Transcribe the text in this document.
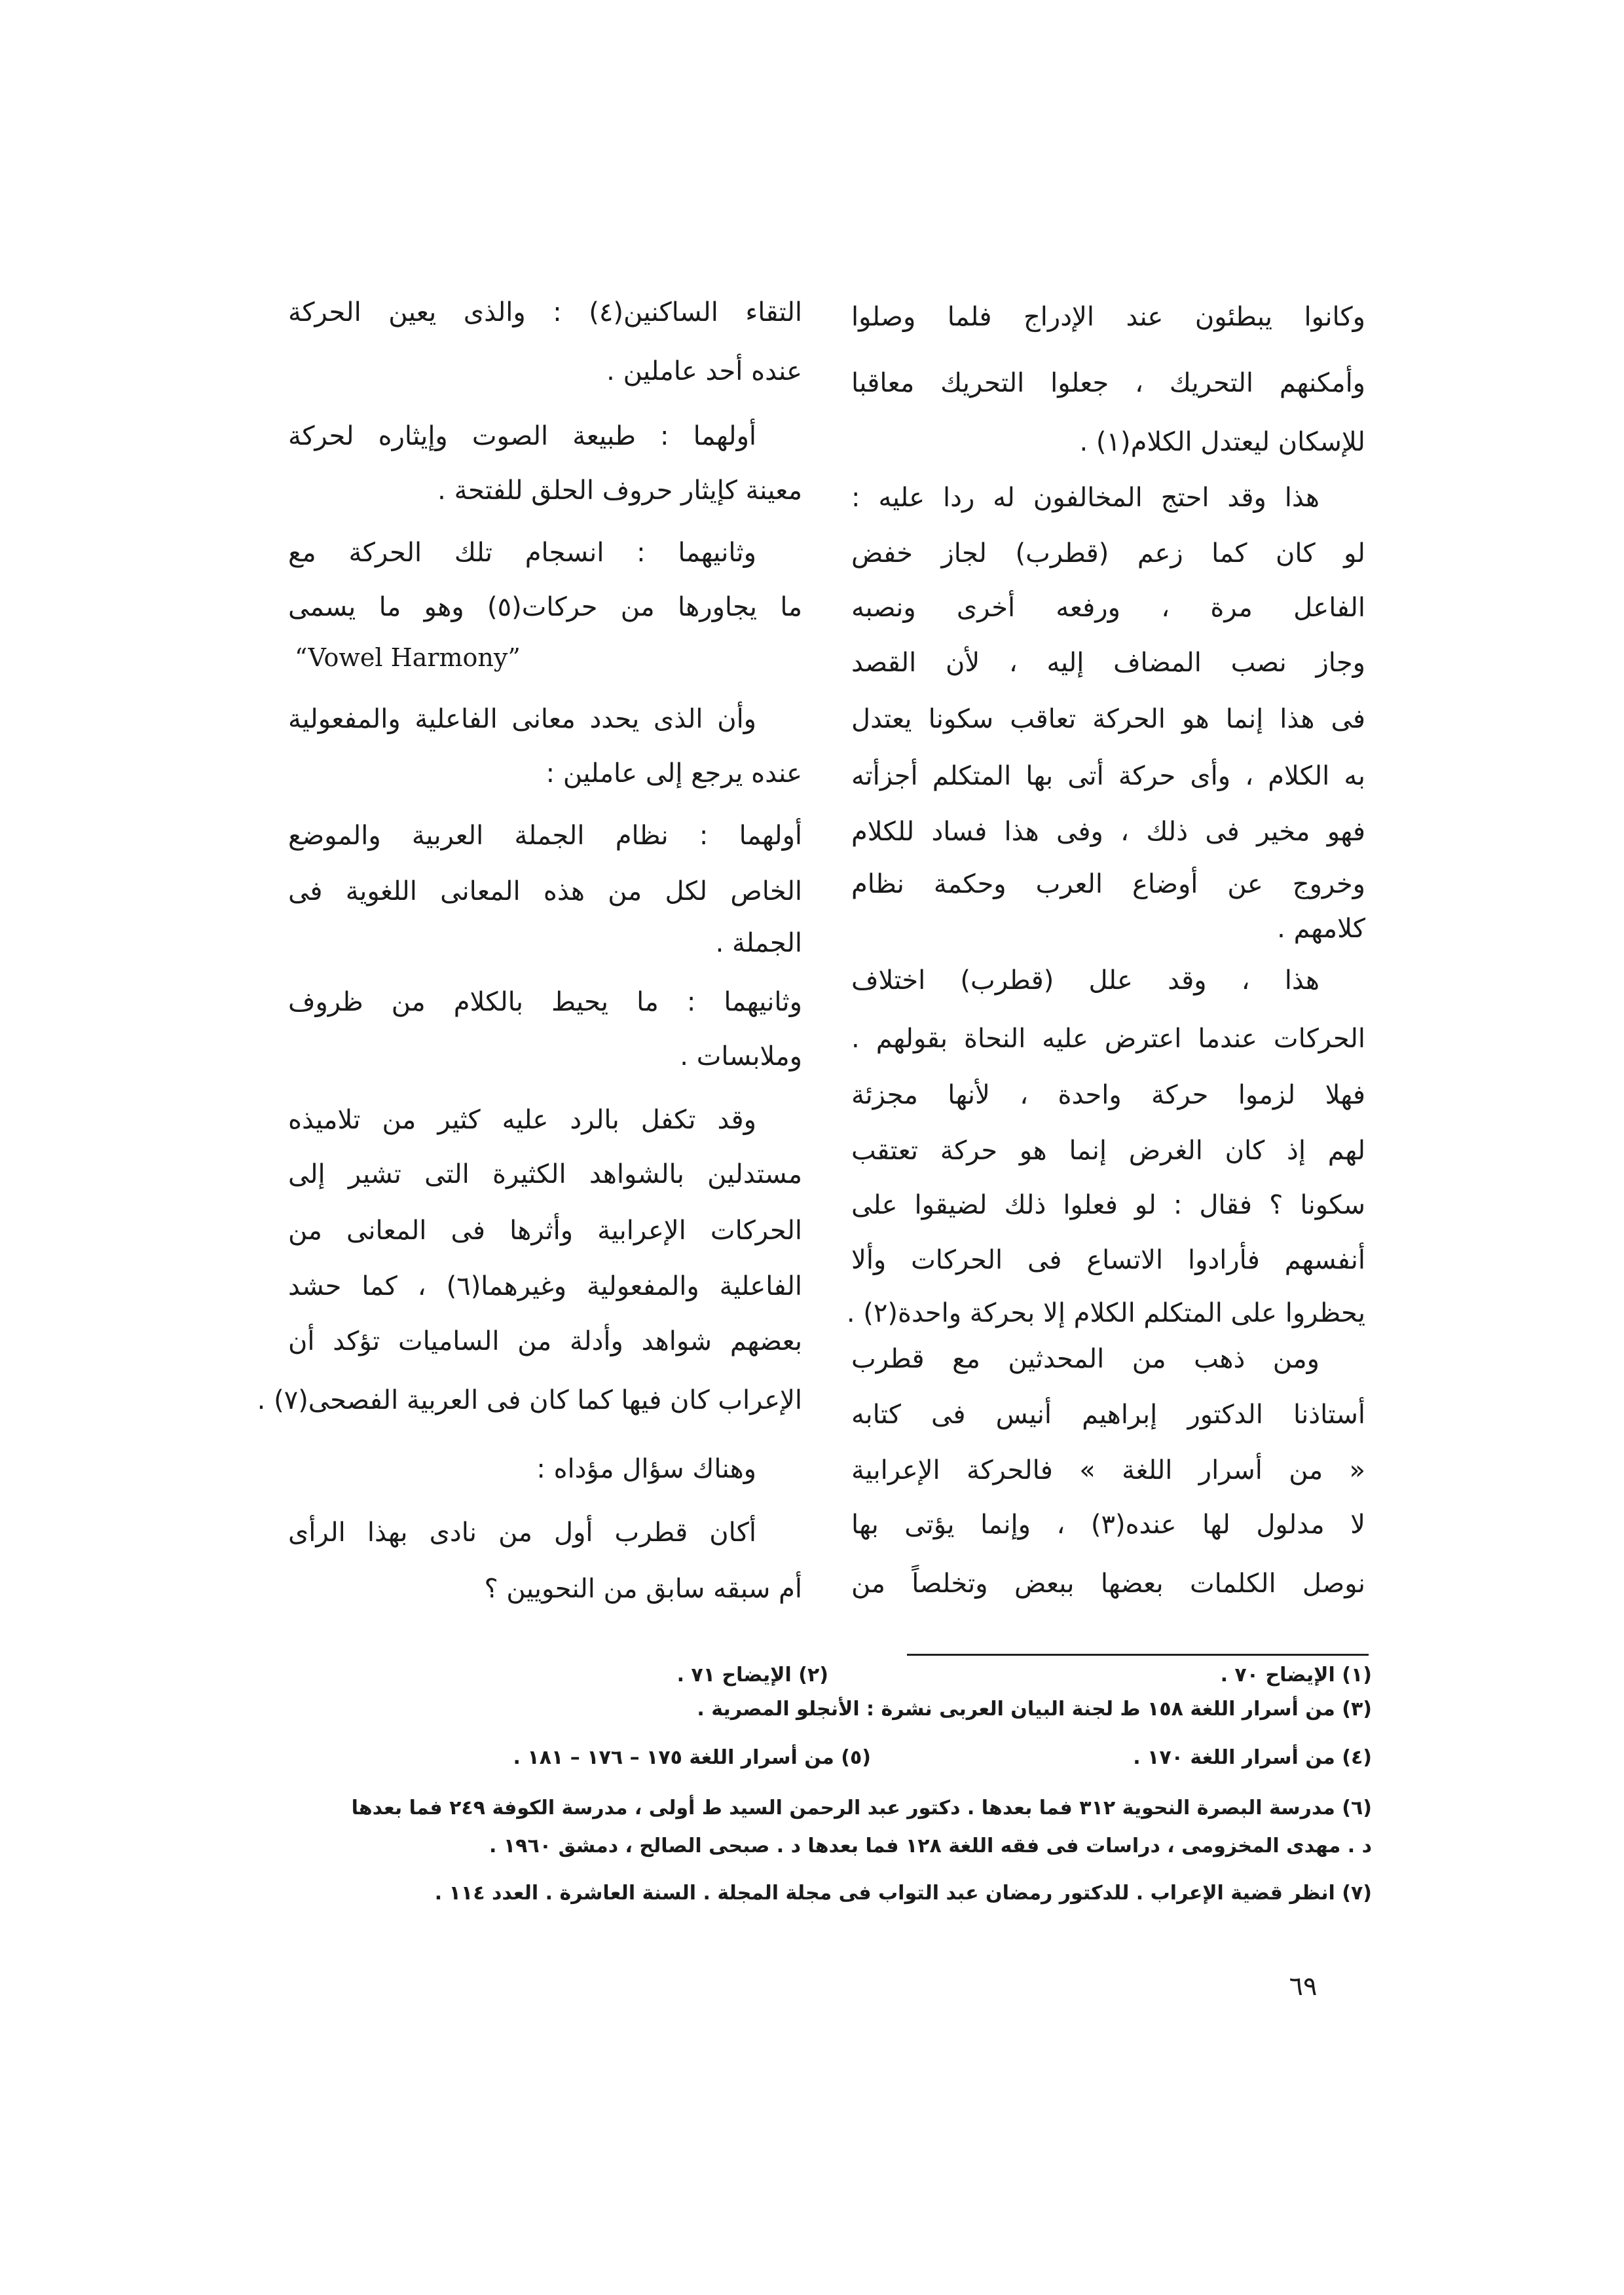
وكانوا يبطئون عند الإدراج فلما وصلوا
وأمكنهم التحريك ، جعلوا التحريك معاقبا
للإسكان ليعتدل الكلام(١) .
هذا وقد احتج المخالفون له ردا عليه :
لو كان كما زعم (قطرب) لجاز خفض
الفاعل مرة ، ورفعه أخرى ونصبه
وجاز نصب المضاف إليه ، لأن القصد
فى هذا إنما هو الحركة تعاقب سكونا يعتدل
به الكلام ، وأى حركة أتى بها المتكلم أجزأته
فهو مخير فى ذلك ، وفى هذا فساد للكلام
وخروج عن أوضاع العرب وحكمة نظام
كلامهم .
هذا ، وقد علل (قطرب) اختلاف
الحركات عندما اعترض عليه النحاة بقولهم .
فهلا لزموا حركة واحدة ، لأنها مجزئة
لهم إذ كان الغرض إنما هو حركة تعتقب
سكونا ؟ فقال : لو فعلوا ذلك لضيقوا على
أنفسهم فأرادوا الاتساع فى الحركات وألا
يحظروا على المتكلم الكلام إلا بحركة واحدة(٢) .
ومن ذهب من المحدثين مع قطرب
أستاذنا الدكتور إبراهيم أنيس فى كتابه
« من أسرار اللغة » فالحركة الإعرابية
لا مدلول لها عنده(٣) ، وإنما يؤتى بها
نوصل الكلمات بعضها ببعض وتخلصاً من
التقاء الساكنين(٤) : والذى يعين الحركة
عنده أحد عاملين .
أولهما : طبيعة الصوت وإيثاره لحركة
معينة كإيثار حروف الحلق للفتحة .
وثانيهما : انسجام تلك الحركة مع
ما يجاورها من حركات(٥) وهو ما يسمى
“Vowel Harmony”
وأن الذى يحدد معانى الفاعلية والمفعولية
عنده يرجع إلى عاملين :
أولهما : نظام الجملة العربية والموضع
الخاص لكل من هذه المعانى اللغوية فى
الجملة .
وثانيهما : ما يحيط بالكلام من ظروف
وملابسات .
وقد تكفل بالرد عليه كثير من تلاميذه
مستدلين بالشواهد الكثيرة التى تشير إلى
الحركات الإعرابية وأثرها فى المعانى من
الفاعلية والمفعولية وغيرهما(٦) ، كما حشد
بعضهم شواهد وأدلة من الساميات تؤكد أن
الإعراب كان فيها كما كان فى العربية الفصحى(٧) .
وهناك سؤال مؤداه :
أكان قطرب أول من نادى بهذا الرأى
أم سبقه سابق من النحويين ؟
(١) الإيضاح ٧٠ .
(٢) الإيضاح ٧١ .
(٣) من أسرار اللغة ١٥٨ ط لجنة البيان العربى نشرة : الأنجلو المصرية .
(٤) من أسرار اللغة ١٧٠ .
(٥) من أسرار اللغة ١٧٥ – ١٧٦ – ١٨١ .
(٦) مدرسة البصرة النحوية ٣١٢ فما بعدها . دكتور عبد الرحمن السيد ط أولى ، مدرسة الكوفة ٢٤٩ فما بعدها
د . مهدى المخزومى ، دراسات فى فقه اللغة ١٢٨ فما بعدها د . صبحى الصالح ، دمشق ١٩٦٠ .
(٧) انظر قضية الإعراب . للدكتور رمضان عبد التواب فى مجلة المجلة . السنة العاشرة . العدد ١١٤ .
٦٩
